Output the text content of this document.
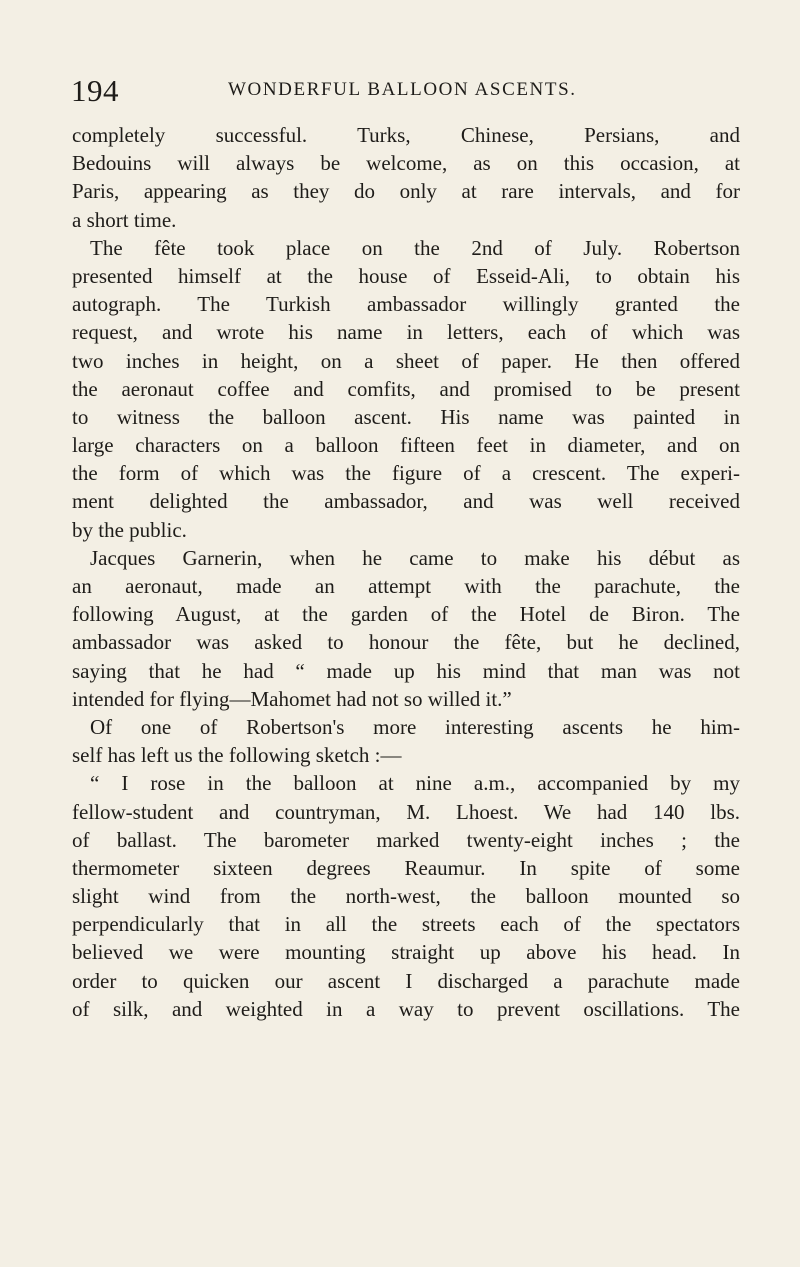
194	WONDERFUL BALLOON ASCENTS.
completely successful. Turks, Chinese, Persians, and
Bedouins will always be welcome, as on this occasion, at
Paris, appearing as they do only at rare intervals, and for
a short time.
The fête took place on the 2nd of July. Robertson
presented himself at the house of Esseid-Ali, to obtain his
autograph. The Turkish ambassador willingly granted the
request, and wrote his name in letters, each of which was
two inches in height, on a sheet of paper. He then offered
the aeronaut coffee and comfits, and promised to be present
to witness the balloon ascent. His name was painted in
large characters on a balloon fifteen feet in diameter, and on
the form of which was the figure of a crescent. The experi-
ment delighted the ambassador, and was well received
by the public.
Jacques Garnerin, when he came to make his début as
an aeronaut, made an attempt with the parachute, the
following August, at the garden of the Hotel de Biron. The
ambassador was asked to honour the fête, but he declined,
saying that he had “ made up his mind that man was not
intended for flying—Mahomet had not so willed it.”
Of one of Robertson's more interesting ascents he him-
self has left us the following sketch :—
“ I rose in the balloon at nine a.m., accompanied by my
fellow-student and countryman, M. Lhoest. We had 140 lbs.
of ballast. The barometer marked twenty-eight inches ; the
thermometer sixteen degrees Reaumur. In spite of some
slight wind from the north-west, the balloon mounted so
perpendicularly that in all the streets each of the spectators
believed we were mounting straight up above his head. In
order to quicken our ascent I discharged a parachute made
of silk, and weighted in a way to prevent oscillations. The
